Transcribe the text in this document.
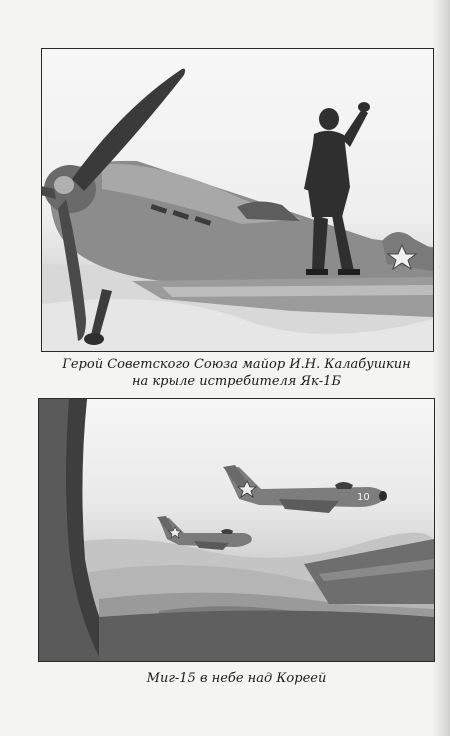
Герой Советского Союза майор И.Н. Калабушкин
на крыле истребителя Як-1Б
10
Миг-15 в небе над Кореей
